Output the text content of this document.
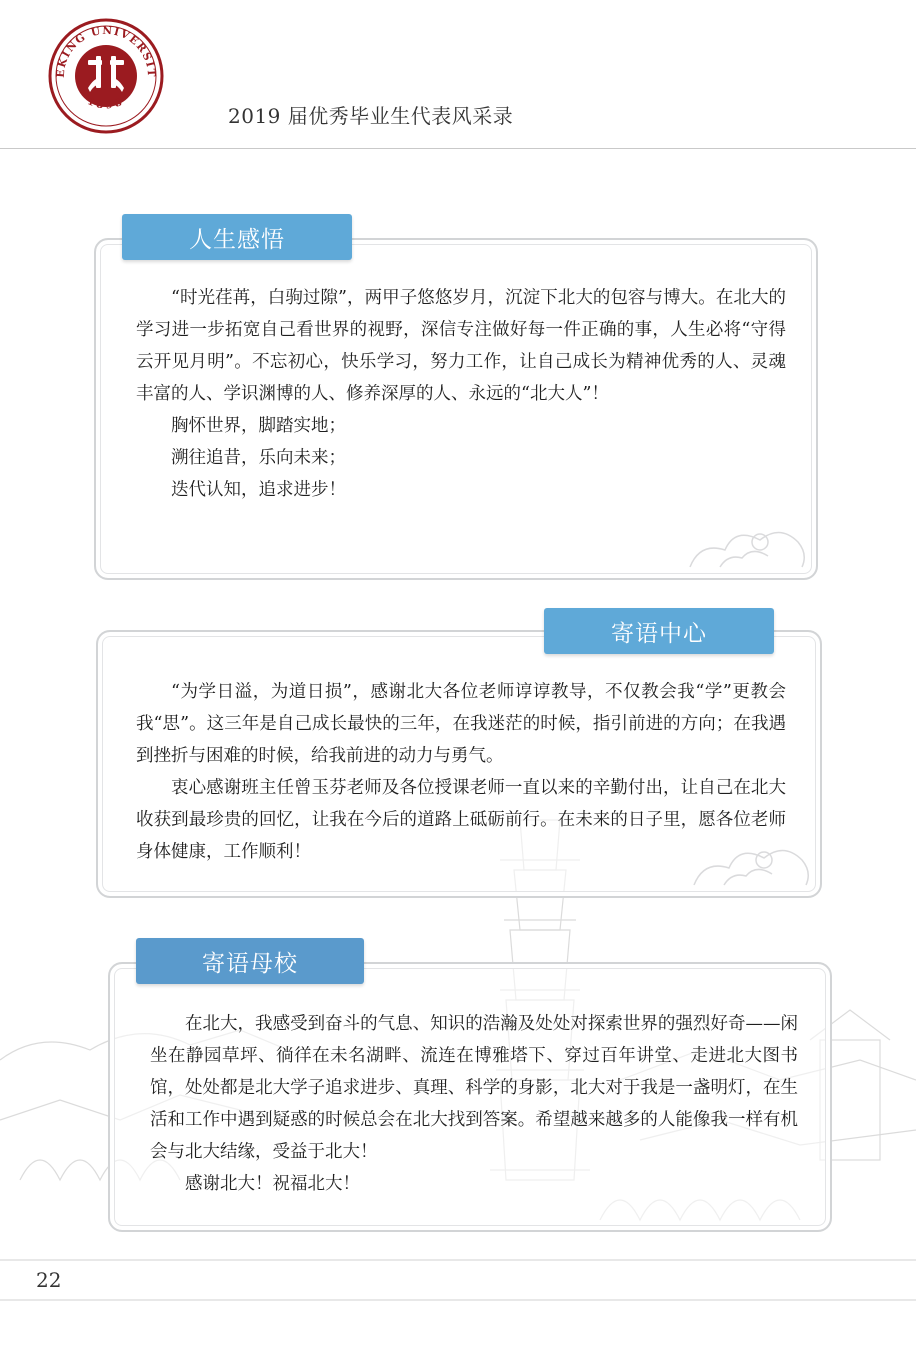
EKING UNIVERSIT
1898
2019 届优秀毕业生代表风采录
人生感悟

“时光荏苒，白驹过隙”，两甲子悠悠岁月，沉淀下北大的包容与博大。在北大的学习进一步拓宽自己看世界的视野，深信专注做好每一件正确的事，人生必将“守得云开见月明”。不忘初心，快乐学习，努力工作，让自己成长为精神优秀的人、灵魂丰富的人、学识渊博的人、修养深厚的人、永远的“北大人”！

胸怀世界，脚踏实地；

溯往追昔，乐向未来；

迭代认知，追求进步！

寄语中心

“为学日溢，为道日损”，感谢北大各位老师谆谆教导，不仅教会我“学”更教会我“思”。这三年是自己成长最快的三年，在我迷茫的时候，指引前进的方向；在我遇到挫折与困难的时候，给我前进的动力与勇气。

衷心感谢班主任曾玉芬老师及各位授课老师一直以来的辛勤付出，让自己在北大收获到最珍贵的回忆，让我在今后的道路上砥砺前行。在未来的日子里，愿各位老师身体健康，工作顺利！

寄语母校

在北大，我感受到奋斗的气息、知识的浩瀚及处处对探索世界的强烈好奇——闲坐在静园草坪、徜徉在未名湖畔、流连在博雅塔下、穿过百年讲堂、走进北大图书馆，处处都是北大学子追求进步、真理、科学的身影，北大对于我是一盏明灯，在生活和工作中遇到疑惑的时候总会在北大找到答案。希望越来越多的人能像我一样有机会与北大结缘，受益于北大！

感谢北大！祝福北大！

22
